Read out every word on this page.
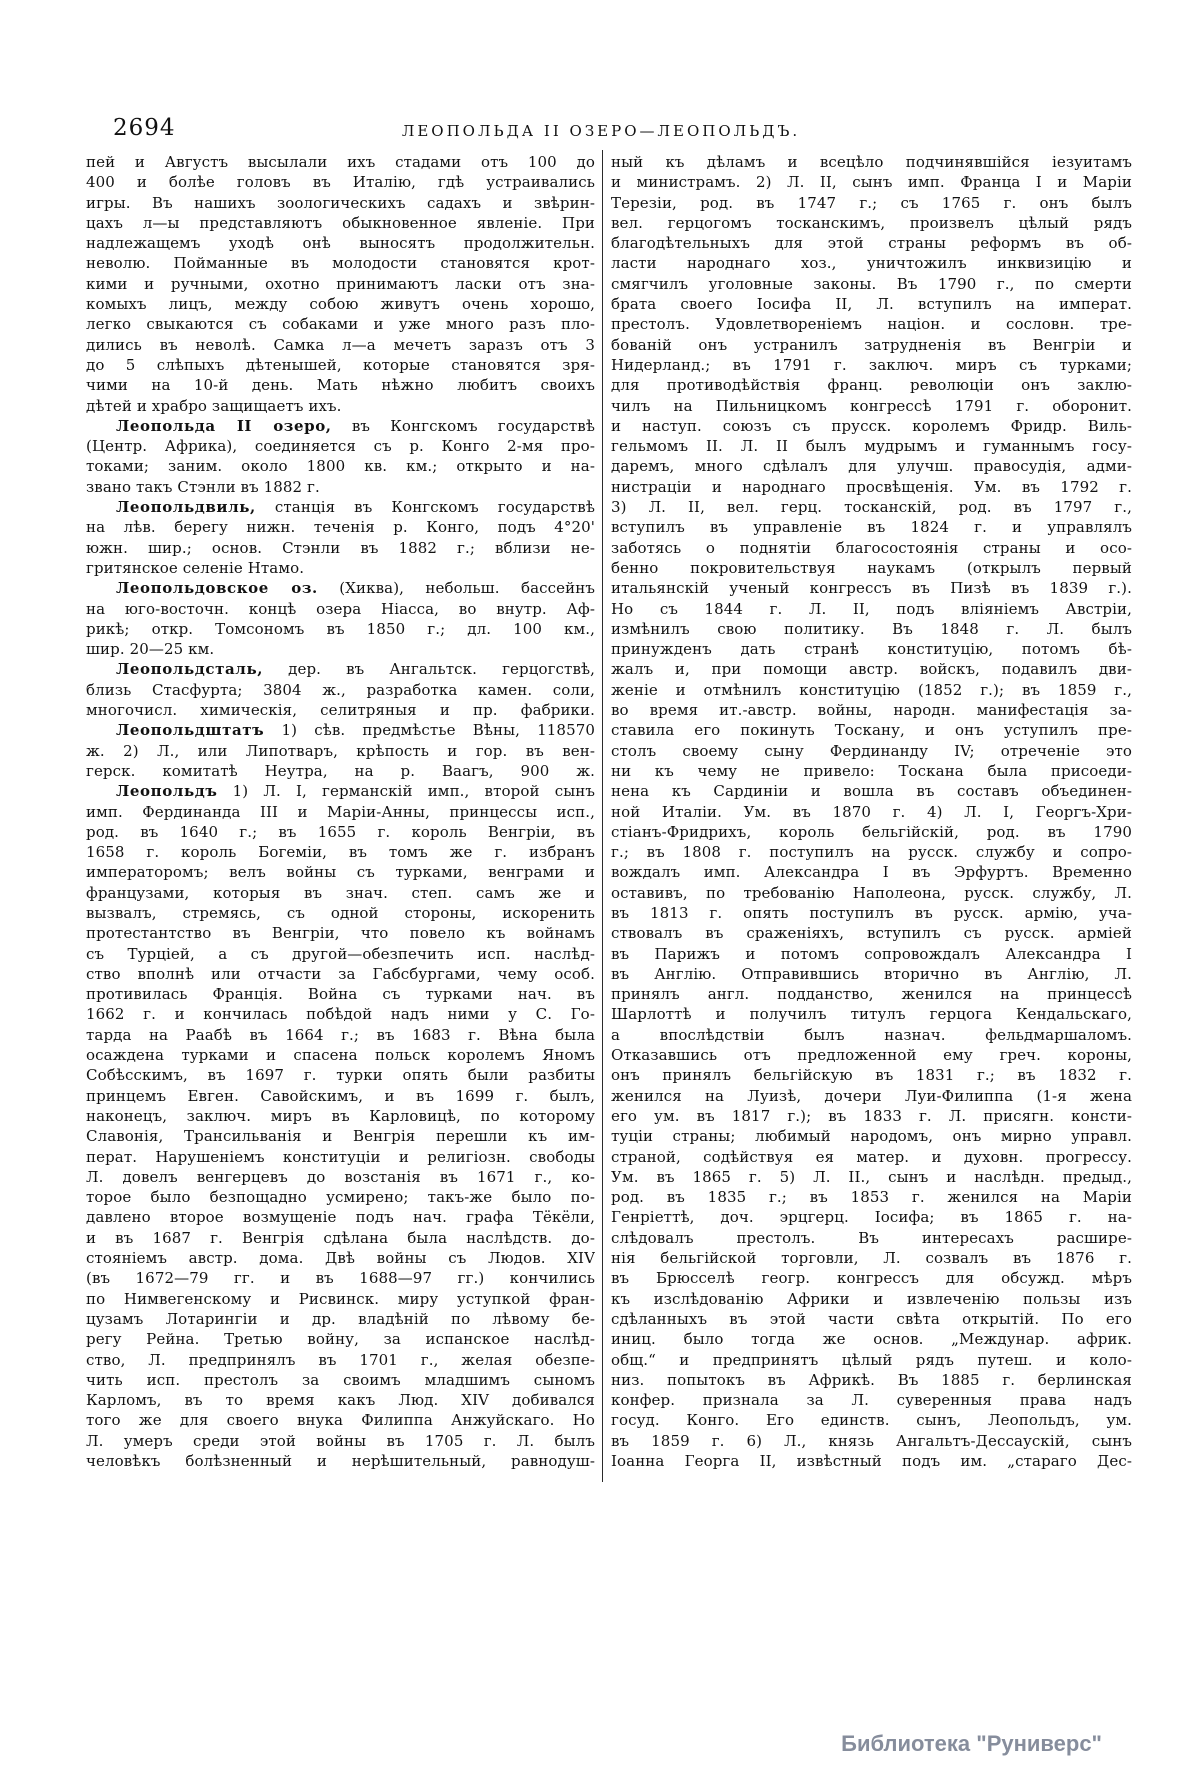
2694	ЛЕОПОЛЬДА II ОЗЕРО—ЛЕОПОЛЬДЪ.
пей и Августъ высылали ихъ стадами отъ 100 до
400 и болѣе головъ въ Италію, гдѣ устраивались
игры. Въ нашихъ зоологическихъ садахъ и звѣрин-
цахъ л—ы представляютъ обыкновенное явленіе. При
надлежащемъ уходѣ онѣ выносятъ продолжительн.
неволю. Пойманные въ молодости становятся крот-
кими и ручными, охотно принимаютъ ласки отъ зна-
комыхъ лицъ, между собою живутъ очень хорошо,
легко свыкаются съ собаками и уже много разъ пло-
дились въ неволѣ. Самка л—а мечетъ заразъ отъ 3
до 5 слѣпыхъ дѣтенышей, которые становятся зря-
чими на 10-й день. Мать нѣжно любитъ своихъ
дѣтей и храбро защищаетъ ихъ.
Леопольда II озеро, въ Конгскомъ государствѣ
(Центр. Африка), соединяется съ р. Конго 2-мя про-
токами; заним. около 1800 кв. км.; открыто и на-
звано такъ Стэнли въ 1882 г.
Леопольдвиль, станція въ Конгскомъ государствѣ
на лѣв. берегу нижн. теченія р. Конго, подъ 4°20'
южн. шир.; основ. Стэнли въ 1882 г.; вблизи не-
гритянское селеніе Нтамо.
Леопольдовское оз. (Хиква), небольш. бассейнъ
на юго-восточн. концѣ озера Ніасса, во внутр. Аф-
рикѣ; откр. Томсономъ въ 1850 г.; дл. 100 км.,
шир. 20—25 км.
Леопольдсталь, дер. въ Ангальтск. герцогствѣ,
близь Стасфурта; 3804 ж., разработка камен. соли,
многочисл. химическія, селитряныя и пр. фабрики.
Леопольдштатъ 1) сѣв. предмѣстье Вѣны, 118570
ж. 2) Л., или Липотваръ, крѣпость и гор. въ вен-
герск. комитатѣ Неутра, на р. Ваагъ, 900 ж.
Леопольдъ 1) Л. I, германскій имп., второй сынъ
имп. Фердинанда III и Маріи-Анны, принцессы исп.,
род. въ 1640 г.; въ 1655 г. король Венгріи, въ
1658 г. король Богеміи, въ томъ же г. избранъ
императоромъ; велъ войны съ турками, венграми и
французами, которыя въ знач. степ. самъ же и
вызвалъ, стремясь, съ одной стороны, искоренить
протестантство въ Венгріи, что повело къ войнамъ
съ Турціей, а съ другой—обезпечить исп. наслѣд-
ство вполнѣ или отчасти за Габсбургами, чему особ.
противилась Франція. Война съ турками нач. въ
1662 г. и кончилась побѣдой надъ ними у С. Го-
тарда на Раабѣ въ 1664 г.; въ 1683 г. Вѣна была
осаждена турками и спасена польск королемъ Яномъ
Собѣсскимъ, въ 1697 г. турки опять были разбиты
принцемъ Евген. Савойскимъ, и въ 1699 г. былъ,
наконецъ, заключ. миръ въ Карловицѣ, по которому
Славонія, Трансильванія и Венгрія перешли къ им-
перат. Нарушеніемъ конституціи и религіозн. свободы
Л. довелъ венгерцевъ до возстанія въ 1671 г., ко-
торое было безпощадно усмирено; такъ-же было по-
давлено второе возмущеніе подъ нач. графа Тёкёли,
и въ 1687 г. Венгрія сдѣлана была наслѣдств. до-
стояніемъ австр. дома. Двѣ войны съ Людов. XIV
(въ 1672—79 гг. и въ 1688—97 гг.) кончились
по Нимвегенскому и Рисвинск. миру уступкой фран-
цузамъ Лотарингіи и др. владѣній по лѣвому бе-
регу Рейна. Третью войну, за испанское наслѣд-
ство, Л. предпринялъ въ 1701 г., желая обезпе-
чить исп. престолъ за своимъ младшимъ сыномъ
Карломъ, въ то время какъ Люд. XIV добивался
того же для своего внука Филиппа Анжуйскаго. Но
Л. умеръ среди этой войны въ 1705 г. Л. былъ
человѣкъ болѣзненный и нерѣшительный, равнодуш-
ный къ дѣламъ и всецѣло подчинявшійся іезуитамъ
и министрамъ. 2) Л. II, сынъ имп. Франца I и Маріи
Терезіи, род. въ 1747 г.; съ 1765 г. онъ былъ
вел. герцогомъ тосканскимъ, произвелъ цѣлый рядъ
благодѣтельныхъ для этой страны реформъ въ об-
ласти народнаго хоз., уничтожилъ инквизицію и
смягчилъ уголовные законы. Въ 1790 г., по смерти
брата своего Іосифа II, Л. вступилъ на императ.
престолъ. Удовлетвореніемъ націон. и сословн. тре-
бованій онъ устранилъ затрудненія въ Венгріи и
Нидерланд.; въ 1791 г. заключ. миръ съ турками;
для противодѣйствія франц. революціи онъ заклю-
чилъ на Пильницкомъ конгрессѣ 1791 г. оборонит.
и наступ. союзъ съ прусск. королемъ Фридр. Виль-
гельмомъ II. Л. II былъ мудрымъ и гуманнымъ госу-
даремъ, много сдѣлалъ для улучш. правосудія, адми-
нистраціи и народнаго просвѣщенія. Ум. въ 1792 г.
3) Л. II, вел. герц. тосканскій, род. въ 1797 г.,
вступилъ въ управленіе въ 1824 г. и управлялъ
заботясь о поднятіи благосостоянія страны и осо-
бенно покровительствуя наукамъ (открылъ первый
итальянскій ученый конгрессъ въ Пизѣ въ 1839 г.).
Но съ 1844 г. Л. II, подъ вліяніемъ Австріи,
измѣнилъ свою политику. Въ 1848 г. Л. былъ
принужденъ дать странѣ конституцію, потомъ бѣ-
жалъ и, при помощи австр. войскъ, подавилъ дви-
женіе и отмѣнилъ конституцію (1852 г.); въ 1859 г.,
во время ит.-австр. войны, народн. манифестація за-
ставила его покинуть Тоскану, и онъ уступилъ пре-
столъ своему сыну Фердинанду IV; отреченіе это
ни къ чему не привело: Тоскана была присоеди-
нена къ Сардиніи и вошла въ составъ объединен-
ной Италіи. Ум. въ 1870 г. 4) Л. I, Георгъ-Хри-
стіанъ-Фридрихъ, король бельгійскій, род. въ 1790
г.; въ 1808 г. поступилъ на русск. службу и сопро-
вождалъ имп. Александра I въ Эрфуртъ. Временно
оставивъ, по требованію Наполеона, русск. службу, Л.
въ 1813 г. опять поступилъ въ русск. армію, уча-
ствовалъ въ сраженіяхъ, вступилъ съ русск. арміей
въ Парижъ и потомъ сопровождалъ Александра I
въ Англію. Отправившись вторично въ Англію, Л.
принялъ англ. подданство, женился на принцессѣ
Шарлоттѣ и получилъ титулъ герцога Кендальскаго,
а впослѣдствіи былъ назнач. фельдмаршаломъ.
Отказавшись отъ предложенной ему греч. короны,
онъ принялъ бельгійскую въ 1831 г.; въ 1832 г.
женился на Луизѣ, дочери Луи-Филиппа (1-я жена
его ум. въ 1817 г.); въ 1833 г. Л. присягн. консти-
туціи страны; любимый народомъ, онъ мирно управл.
страной, содѣйствуя ея матер. и духовн. прогрессу.
Ум. въ 1865 г. 5) Л. II., сынъ и наслѣдн. предыд.,
род. въ 1835 г.; въ 1853 г. женился на Маріи
Генріеттѣ, доч. эрцгерц. Іосифа; въ 1865 г. на-
слѣдовалъ престолъ. Въ интересахъ расшире-
нія бельгійской торговли, Л. созвалъ въ 1876 г.
въ Брюсселѣ геогр. конгрессъ для обсужд. мѣръ
къ изслѣдованію Африки и извлеченію пользы изъ
сдѣланныхъ въ этой части свѣта открытій. По его
иниц. было тогда же основ. „Междунар. африк.
общ.“ и предпринятъ цѣлый рядъ путеш. и коло-
низ. попытокъ въ Африкѣ. Въ 1885 г. берлинская
конфер. признала за Л. суверенныя права надъ
госуд. Конго. Его единств. сынъ, Леопольдъ, ум.
въ 1859 г. 6) Л., князь Ангальтъ-Дессаускій, сынъ
Іоанна Георга II, извѣстный подъ им. „стараго Дес-
Библиотека "Руниверс"
